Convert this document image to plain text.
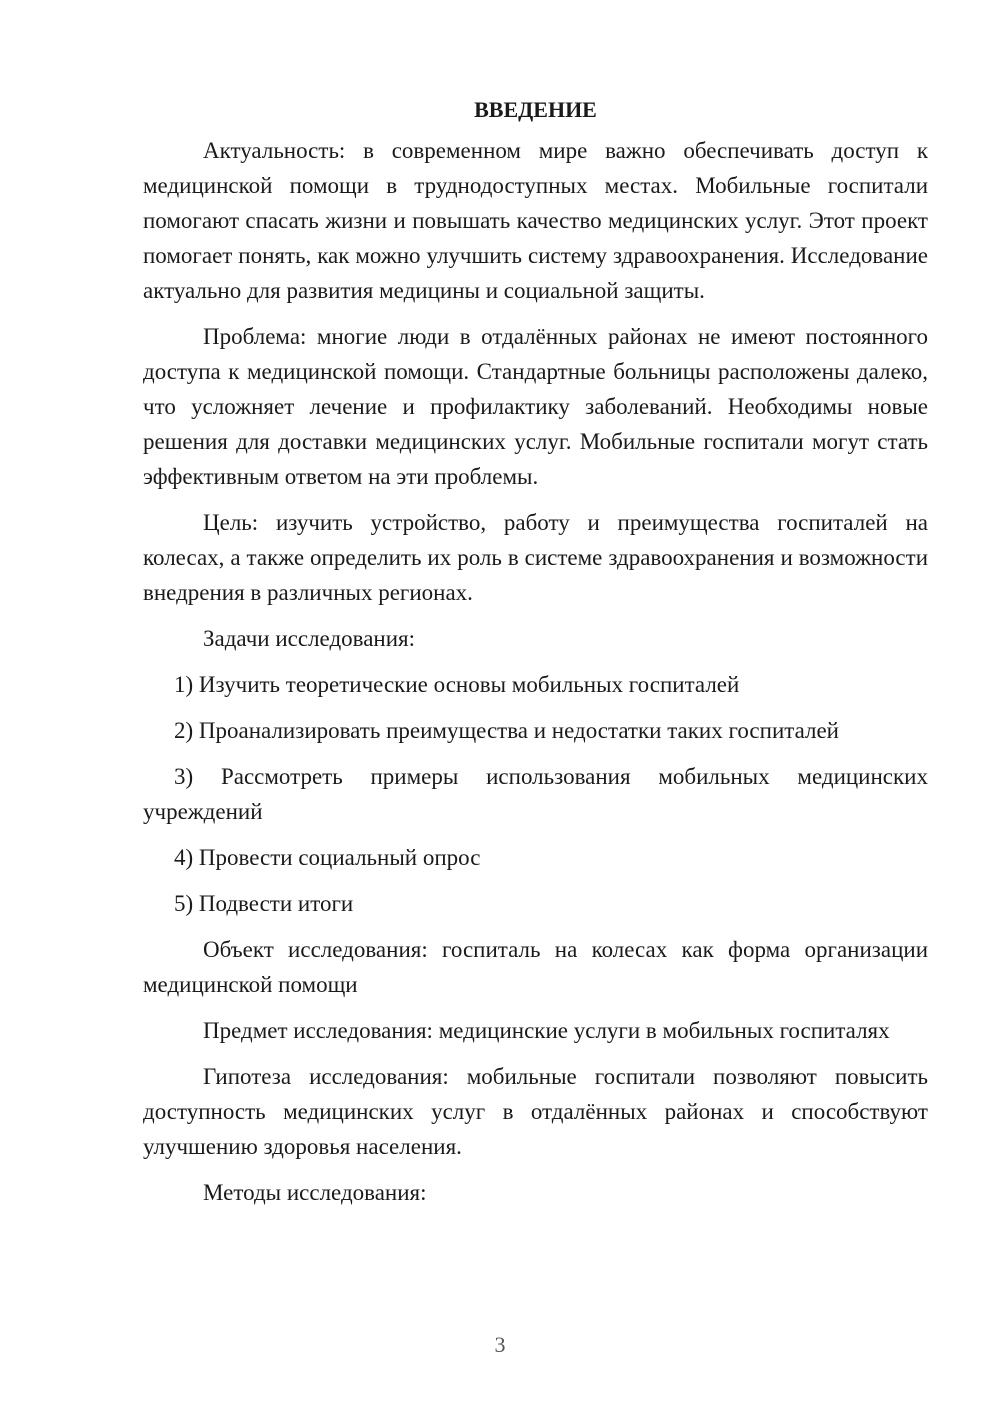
ВВЕДЕНИЕ

Актуальность: в современном мире важно обеспечивать доступ к медицинской помощи в труднодоступных местах. Мобильные госпитали помогают спасать жизни и повышать качество медицинских услуг. Этот проект помогает понять, как можно улучшить систему здравоохранения. Исследование актуально для развития медицины и социальной защиты.

Проблема: многие люди в отдалённых районах не имеют постоянного доступа к медицинской помощи. Стандартные больницы расположены далеко, что усложняет лечение и профилактику заболеваний. Необходимы новые решения для доставки медицинских услуг. Мобильные госпитали могут стать эффективным ответом на эти проблемы.

Цель: изучить устройство, работу и преимущества госпиталей на колесах, а также определить их роль в системе здравоохранения и возможности внедрения в различных регионах.

Задачи исследования:

1) Изучить теоретические основы мобильных госпиталей

2) Проанализировать преимущества и недостатки таких госпиталей

3) Рассмотреть примеры использования мобильных медицинских учреждений

4) Провести социальный опрос

5) Подвести итоги

Объект исследования: госпиталь на колесах как форма организации медицинской помощи

Предмет исследования: медицинские услуги в мобильных госпиталях

Гипотеза исследования: мобильные госпитали позволяют повысить доступность медицинских услуг в отдалённых районах и способствуют улучшению здоровья населения.

Методы исследования:

3
